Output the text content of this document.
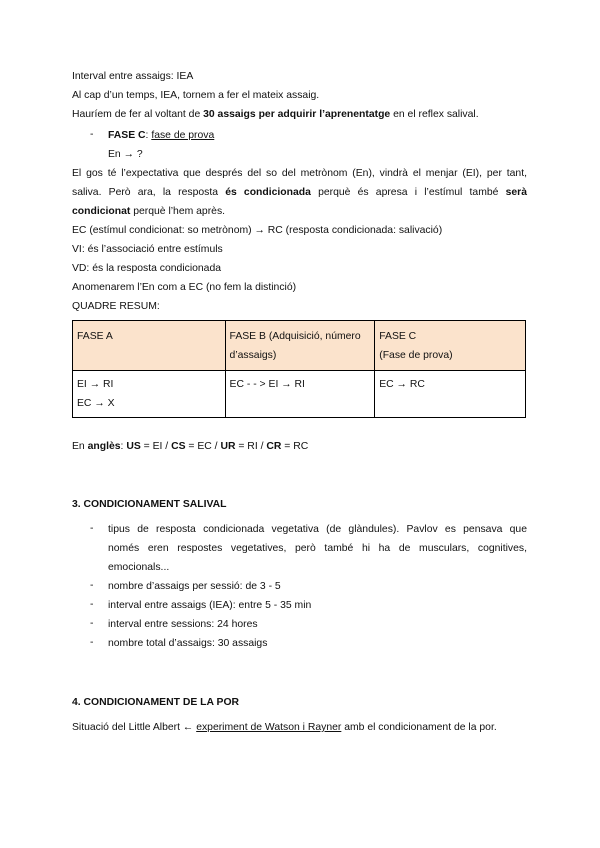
Interval entre assaigs: IEA
Al cap d’un temps, IEA, tornem a fer el mateix assaig.
Hauríem de fer al voltant de 30 assaigs per adquirir l’aprenentatge en el reflex salival.
- FASE C: fase de prova
En → ?
El gos té l’expectativa que després del so del metrònom (En), vindrà el menjar (EI), per tant,
saliva. Però ara, la resposta és condicionada perquè és apresa i l’estímul també serà
condicionat perquè l’hem après.
EC (estímul condicionat: so metrònom) → RC (resposta condicionada: salivació)
VI: és l’associació entre estímuls
VD: és la resposta condicionada
Anomenarem l’En com a EC (no fem la distinció)
QUADRE RESUM:
FASE A	FASE B (Adquisició, número
d’assaigs)	FASE C
(Fase de prova)
EI → RI
EC → X	EC - - > EI → RI	EC → RC
En anglès: US = EI / CS = EC / UR = RI / CR = RC
3. CONDICIONAMENT SALIVAL
- tipus de resposta condicionada vegetativa (de glàndules). Pavlov es pensava que
només eren respostes vegetatives, però també hi ha de musculars, cognitives,
emocionals...
- nombre d’assaigs per sessió: de 3 - 5
- interval entre assaigs (IEA): entre 5 - 35 min
- interval entre sessions: 24 hores
- nombre total d’assaigs: 30 assaigs
4. CONDICIONAMENT DE LA POR
Situació del Little Albert ← experiment de Watson i Rayner amb el condicionament de la por.
